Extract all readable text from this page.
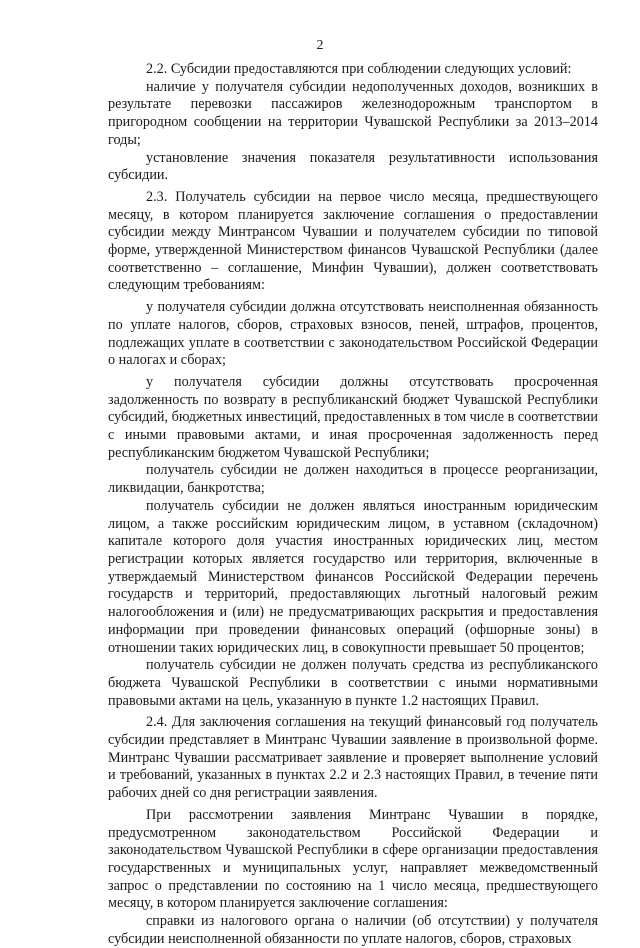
2

2.2. Субсидии предоставляются при соблюдении следующих условий:

наличие у получателя субсидии недополученных доходов, возникших в результате перевозки пассажиров железнодорожным транспортом в пригородном сообщении на территории Чувашской Республики за 2013–2014 годы;

установление значения показателя результативности использования субсидии.

2.3. Получатель субсидии на первое число месяца, предшествующего месяцу, в котором планируется заключение соглашения о предоставлении субсидии между Минтрансом Чувашии и получателем субсидии по типовой форме, утвержденной Министерством финансов Чувашской Республики (далее соответственно – соглашение, Минфин Чувашии), должен соответствовать следующим требованиям:

у получателя субсидии должна отсутствовать неисполненная обязанность по уплате налогов, сборов, страховых взносов, пеней, штрафов, процентов, подлежащих уплате в соответствии с законодательством Российской Федерации о налогах и сборах;

у получателя субсидии должны отсутствовать просроченная задолженность по возврату в республиканский бюджет Чувашской Республики субсидий, бюджетных инвестиций, предоставленных в том числе в соответствии с иными правовыми актами, и иная просроченная задолженность перед республиканским бюджетом Чувашской Республики;

получатель субсидии не должен находиться в процессе реорганизации, ликвидации, банкротства;

получатель субсидии не должен являться иностранным юридическим лицом, а также российским юридическим лицом, в уставном (складочном) капитале которого доля участия иностранных юридических лиц, местом регистрации которых является государство или территория, включенные в утверждаемый Министерством финансов Российской Федерации перечень государств и территорий, предоставляющих льготный налоговый режим налогообложения и (или) не предусматривающих раскрытия и предоставления информации при проведении финансовых операций (офшорные зоны) в отношении таких юридических лиц, в совокупности превышает 50 процентов;

получатель субсидии не должен получать средства из республиканского бюджета Чувашской Республики в соответствии с иными нормативными правовыми актами на цель, указанную в пункте 1.2 настоящих Правил.

2.4. Для заключения соглашения на текущий финансовый год получатель субсидии представляет в Минтранс Чувашии заявление в произвольной форме. Минтранс Чувашии рассматривает заявление и проверяет выполнение условий и требований, указанных в пунктах 2.2 и 2.3 настоящих Правил, в течение пяти рабочих дней со дня регистрации заявления.

При рассмотрении заявления Минтранс Чувашии в порядке, предусмотренном законодательством Российской Федерации и законодательством Чувашской Республики в сфере организации предоставления государственных и муниципальных услуг, направляет межведомственный запрос о представлении по состоянию на 1 число месяца, предшествующего месяцу, в котором планируется заключение соглашения:

справки из налогового органа о наличии (об отсутствии) у получателя субсидии неисполненной обязанности по уплате налогов, сборов, страховых
